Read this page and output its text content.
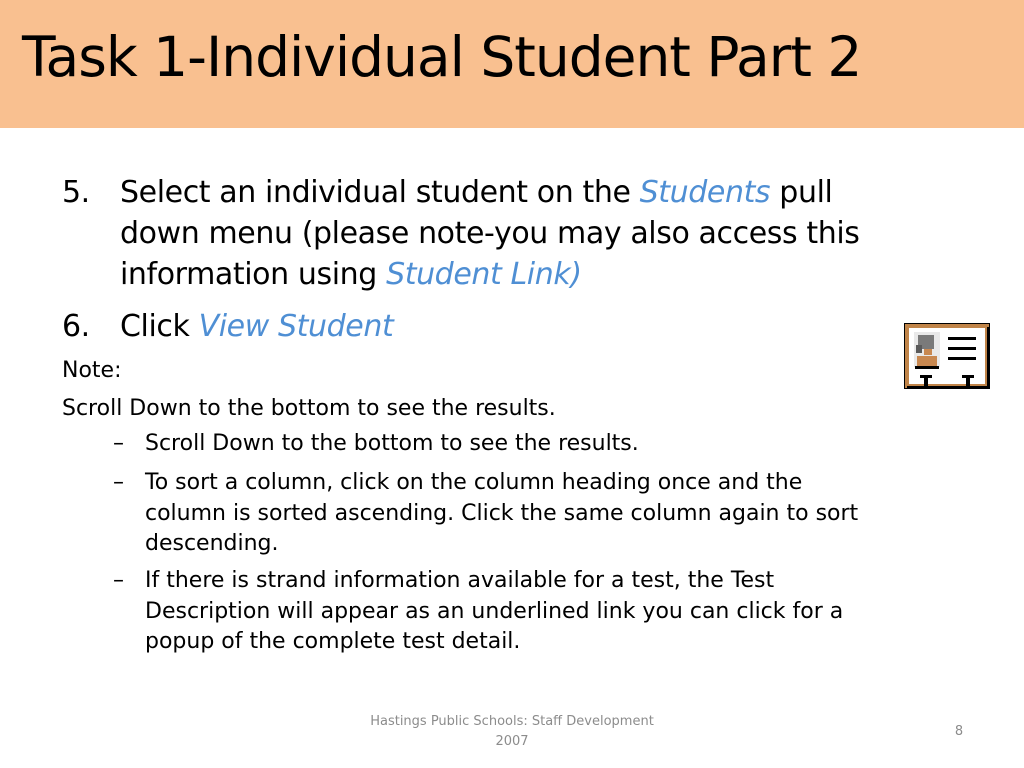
Task 1-Individual Student Part 2
5. Select an individual student on the Students pull
down menu (please note-you may also access this
information using Student Link)
6. Click View Student
Note:
Scroll Down to the bottom to see the results.
– Scroll Down to the bottom to see the results.
– To sort a column, click on the column heading once and the
column is sorted ascending. Click the same column again to sort
descending.
– If there is strand information available for a test, the Test
Description will appear as an underlined link you can click for a
popup of the complete test detail.
Hastings Public Schools: Staff Development
2007
8
